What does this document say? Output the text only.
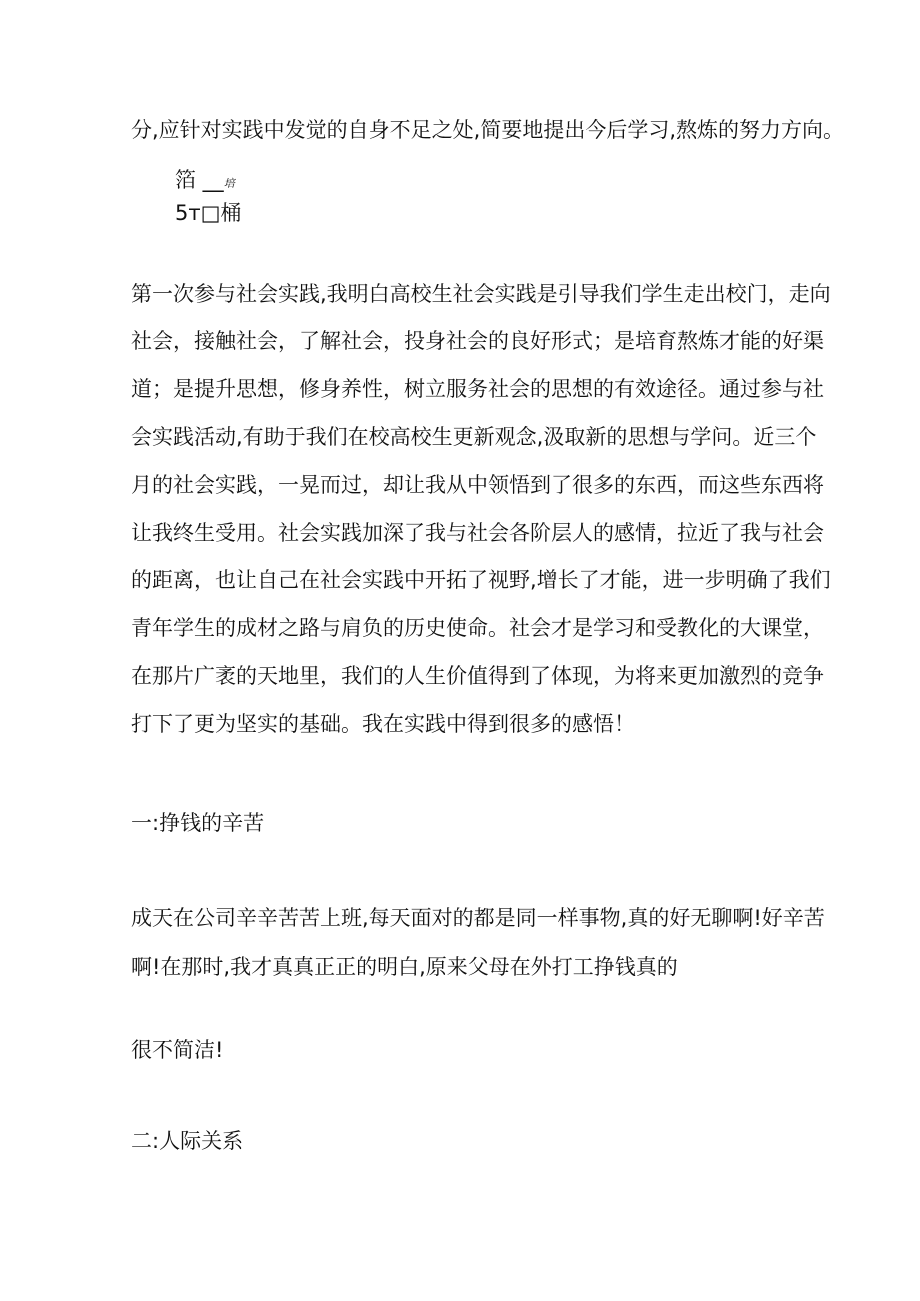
分,应针对实践中发觉的自身不足之处,简要地提出今后学习,熬炼的努力方向。
箔 __培
5т□桶
第一次参与社会实践,我明白高校生社会实践是引导我们学生走出校门，走向
社会，接触社会，了解社会，投身社会的良好形式；是培育熬炼才能的好渠
道；是提升思想，修身养性，树立服务社会的思想的有效途径。通过参与社
会实践活动,有助于我们在校高校生更新观念,汲取新的思想与学问。近三个
月的社会实践，一晃而过，却让我从中领悟到了很多的东西，而这些东西将
让我终生受用。社会实践加深了我与社会各阶层人的感情，拉近了我与社会
的距离，也让自己在社会实践中开拓了视野,增长了才能，进一步明确了我们
青年学生的成材之路与肩负的历史使命。社会才是学习和受教化的大课堂，
在那片广袤的天地里，我们的人生价值得到了体现，为将来更加激烈的竞争
打下了更为坚实的基础。我在实践中得到很多的感悟！
一:挣钱的辛苦
成天在公司辛辛苦苦上班,每天面对的都是同一样事物,真的好无聊啊!好辛苦
啊!在那时,我才真真正正的明白,原来父母在外打工挣钱真的
很不简洁!
二:人际关系
